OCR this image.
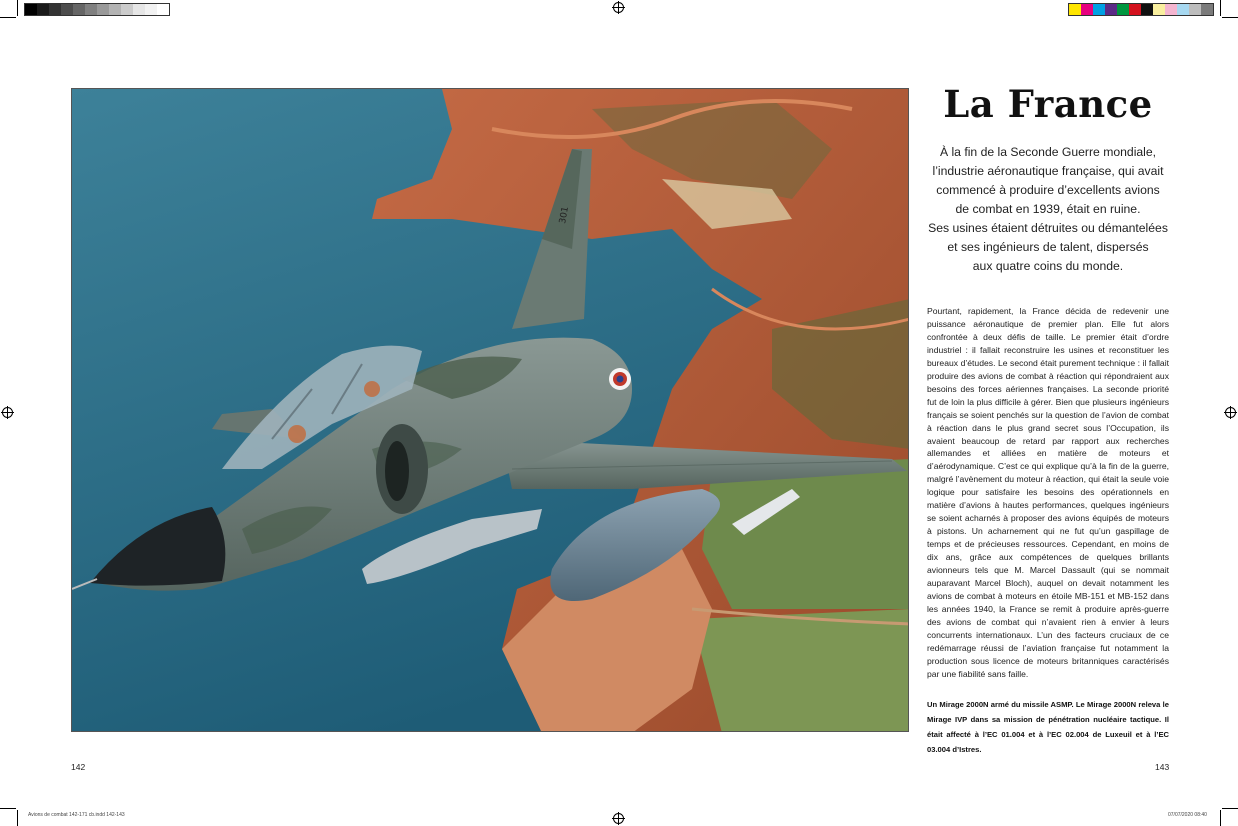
301
La France

À la fin de la Seconde Guerre mondiale,

l’industrie aéronautique française, qui avait

commencé à produire d’excellents avions

de combat en 1939, était en ruine.

Ses usines étaient détruites ou démantelées

et ses ingénieurs de talent, dispersés

aux quatre coins du monde.

Pourtant, rapidement, la France décida de redevenir une puissance aéronautique de premier plan. Elle fut alors confrontée à deux défis de taille. Le premier était d’ordre industriel : il fallait reconstruire les usines et reconstituer les bureaux d’études. Le second était purement technique : il fallait produire des avions de combat à réaction qui répondraient aux besoins des forces aériennes françaises. La seconde priorité fut de loin la plus difficile à gérer. Bien que plusieurs ingénieurs français se soient penchés sur la question de l’avion de combat à réaction dans le plus grand secret sous l’Occupation, ils avaient beaucoup de retard par rapport aux recherches allemandes et alliées en matière de moteurs et d’aérodynamique. C’est ce qui explique qu’à la fin de la guerre, malgré l’avènement du moteur à réaction, qui était la seule voie logique pour satisfaire les besoins des opérationnels en matière d’avions à hautes performances, quelques ingénieurs se soient acharnés à proposer des avions équipés de moteurs à pistons. Un acharnement qui ne fut qu’un gaspillage de temps et de précieuses ressources. Cependant, en moins de dix ans, grâce aux compétences de quelques brillants avionneurs tels que M. Marcel Dassault (qui se nommait auparavant Marcel Bloch), auquel on devait notamment les avions de combat à moteurs en étoile MB-151 et MB-152 dans les années 1940, la France se remit à produire après-guerre des avions de combat qui n’avaient rien à envier à leurs concurrents internationaux. L’un des facteurs cruciaux de ce redémarrage réussi de l’aviation française fut notamment la production sous licence de moteurs britanniques caractérisés par une fiabilité sans faille.
Un Mirage 2000N armé du missile ASMP. Le Mirage 2000N releva le Mirage IVP dans sa mission de pénétration nucléaire tactique. Il était affecté à l’EC 01.004 et à l’EC 02.004 de Luxeuil et à l’EC 03.004 d’Istres.
142	143
Avions de combat 142-171 cb.indd 142-143	07/07/2020 08:40
